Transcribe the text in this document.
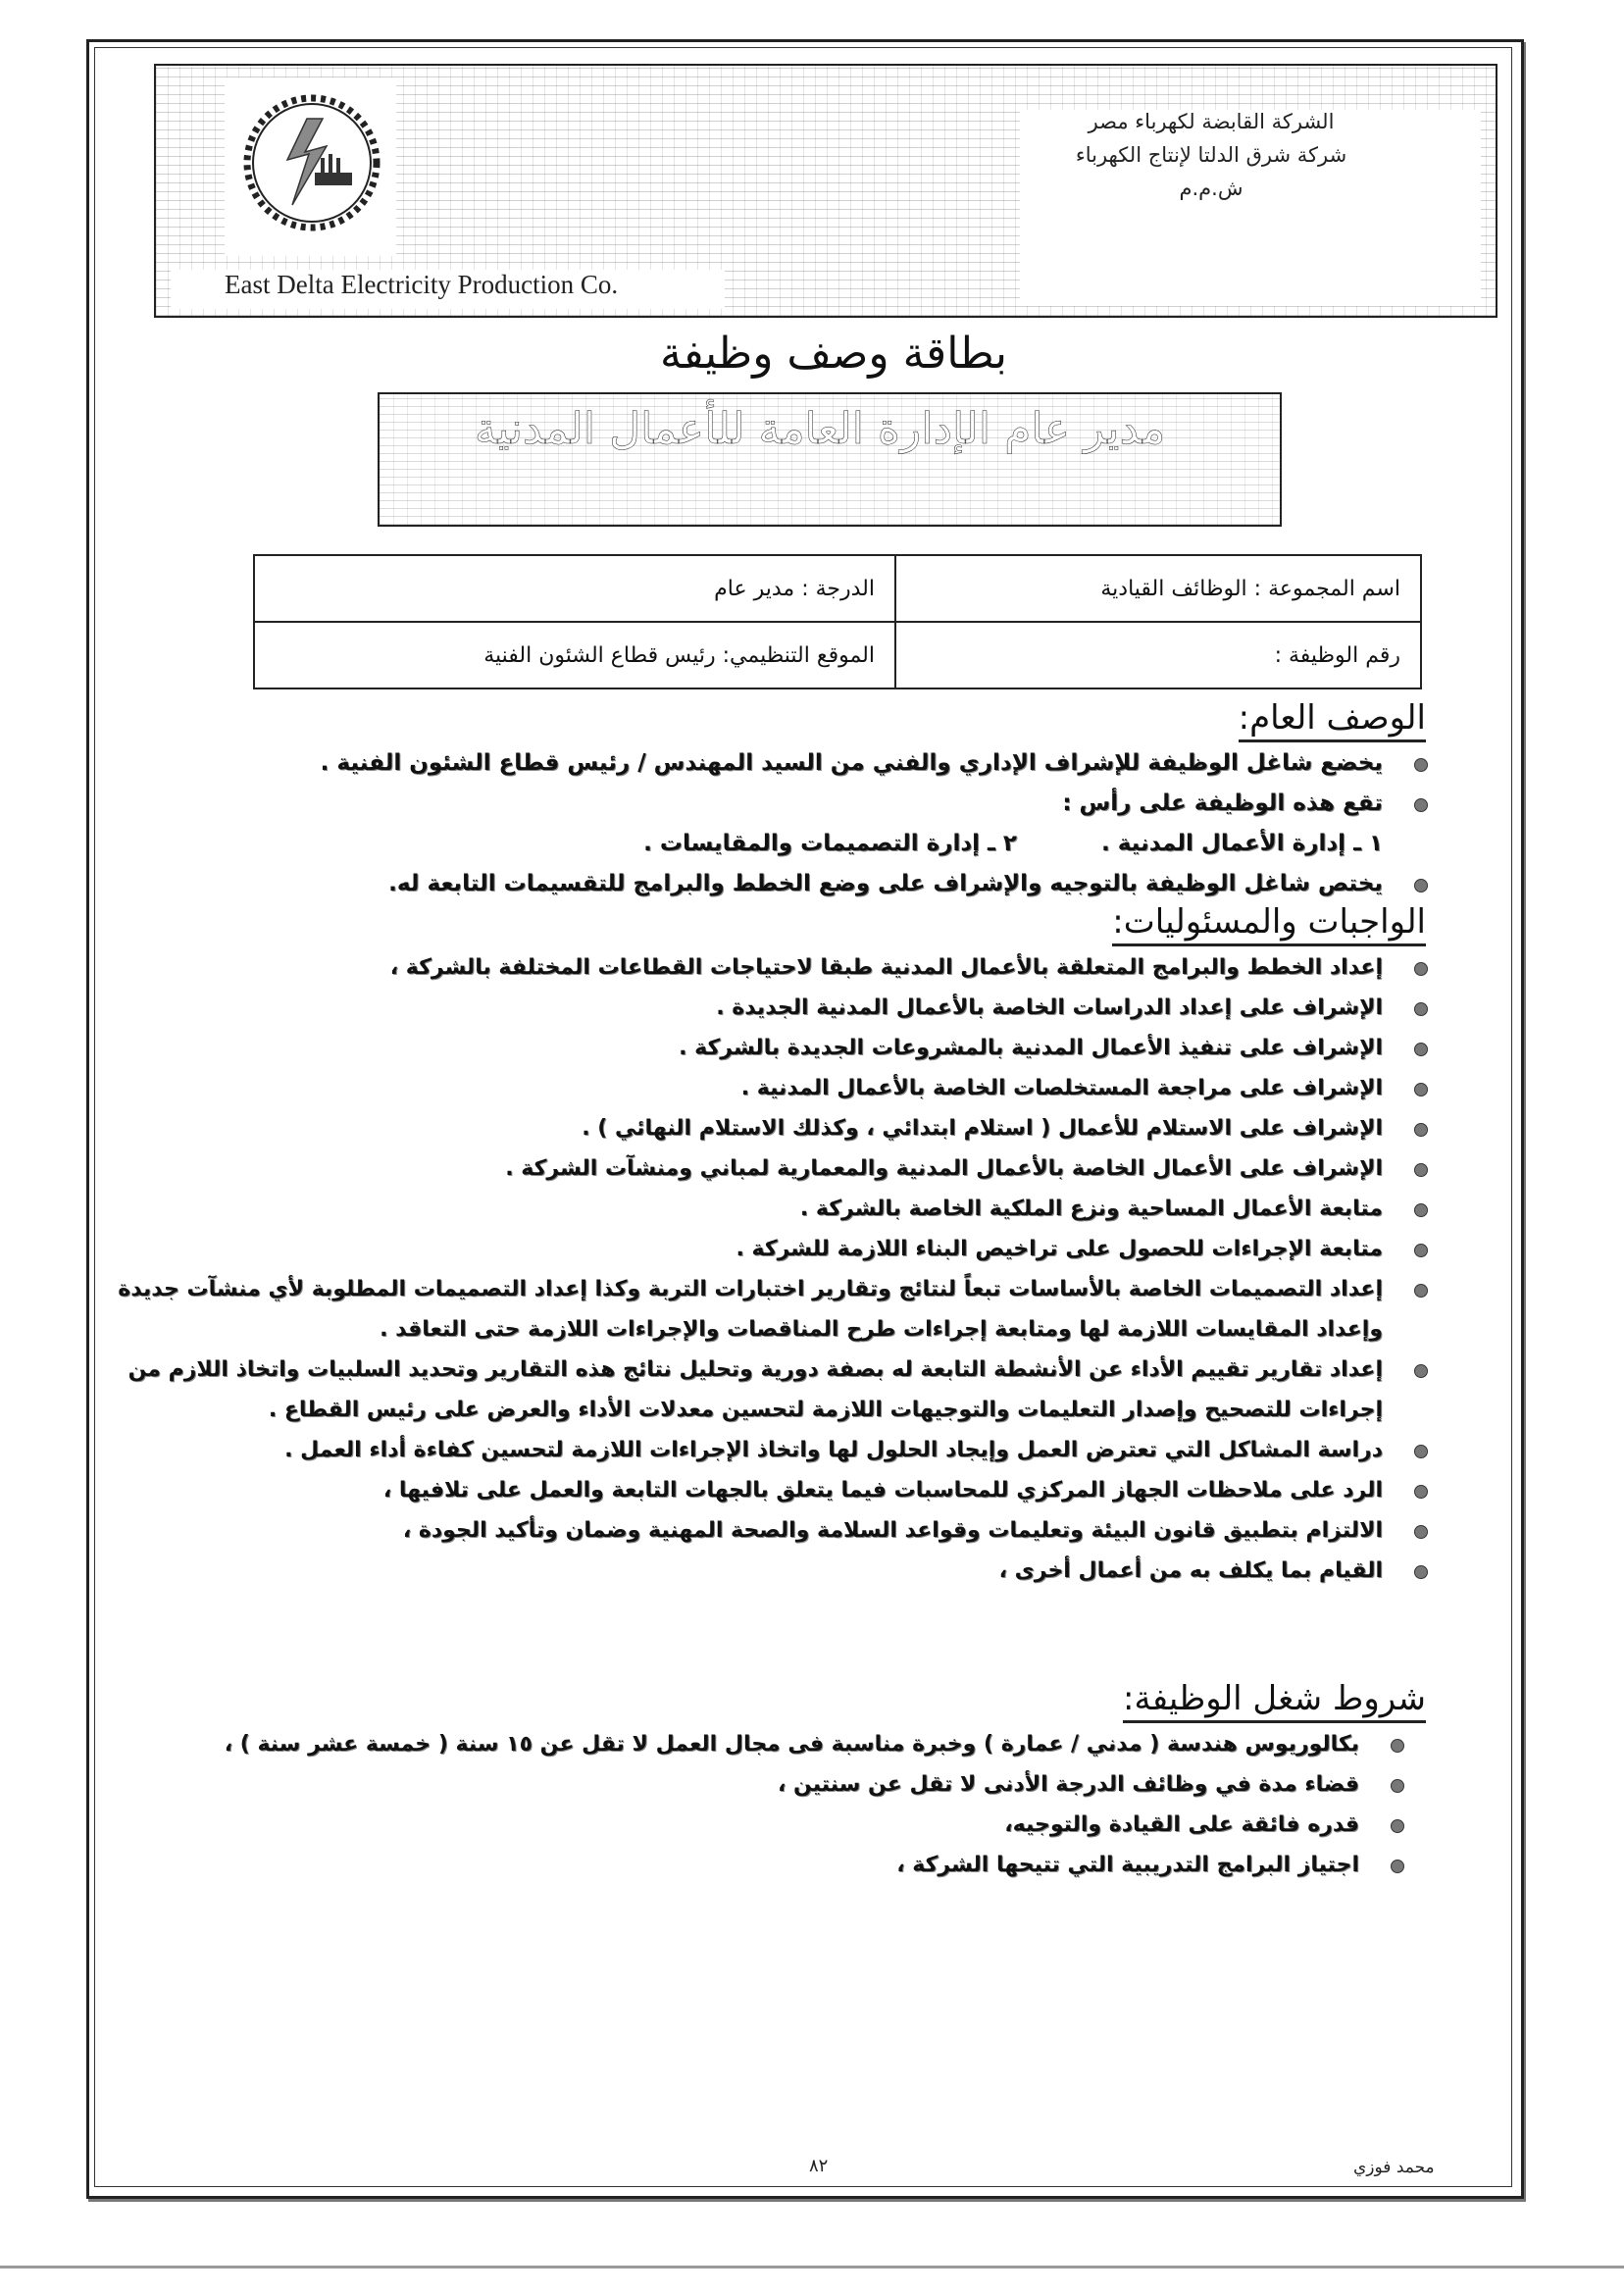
East Delta Electricity Production Co.
الشركة القابضة لكهرباء مصر
شركة شرق الدلتا لإنتاج الكهرباء
ش.م.م
بطاقة وصف وظيفة
مدير عام الإدارة العامة للأعمال المدنية
اسم المجموعة : الوظائف القيادية	الدرجة : مدير عام
رقم الوظيفة :	الموقع التنظيمي: رئيس قطاع الشئون الفنية
الوصف العام:
يخضع شاغل الوظيفة للإشراف الإداري والفني من السيد المهندس / رئيس قطاع الشئون الفنية .
تقع هذه الوظيفة على رأس :
١ ـ إدارة الأعمال المدنية .  ٢ ـ إدارة التصميمات والمقايسات .
يختص شاغل الوظيفة بالتوجيه والإشراف على وضع الخطط والبرامج للتقسيمات التابعة له.
الواجبات والمسئوليات:
إعداد الخطط والبرامج المتعلقة بالأعمال المدنية طبقا لاحتياجات القطاعات المختلفة بالشركة ،
الإشراف على إعداد الدراسات الخاصة بالأعمال المدنية الجديدة .
الإشراف على تنفيذ الأعمال المدنية بالمشروعات الجديدة بالشركة .
الإشراف على مراجعة المستخلصات الخاصة بالأعمال المدنية .
الإشراف على الاستلام للأعمال ( استلام ابتدائي ، وكذلك الاستلام النهائي ) .
الإشراف على الأعمال الخاصة بالأعمال المدنية والمعمارية لمباني ومنشآت الشركة .
متابعة الأعمال المساحية ونزع الملكية الخاصة بالشركة .
متابعة الإجراءات للحصول على تراخيص البناء اللازمة للشركة .
إعداد التصميمات الخاصة بالأساسات تبعاً لنتائج وتقارير اختبارات التربة وكذا إعداد التصميمات المطلوبة لأي منشآت جديدة وإعداد المقايسات اللازمة لها ومتابعة إجراءات طرح المناقصات والإجراءات اللازمة حتى التعاقد .
إعداد تقارير تقييم الأداء عن الأنشطة التابعة له بصفة دورية وتحليل نتائج هذه التقارير وتحديد السلبيات واتخاذ اللازم من إجراءات للتصحيح وإصدار التعليمات والتوجيهات اللازمة لتحسين معدلات الأداء والعرض على رئيس القطاع .
دراسة المشاكل التي تعترض العمل وإيجاد الحلول لها واتخاذ الإجراءات اللازمة لتحسين كفاءة أداء العمل .
الرد على ملاحظات الجهاز المركزي للمحاسبات فيما يتعلق بالجهات التابعة والعمل على تلافيها ،
الالتزام بتطبيق قانون البيئة وتعليمات وقواعد السلامة والصحة المهنية وضمان وتأكيد الجودة ،
القيام بما يكلف به من أعمال أخرى ،
شروط شغل الوظيفة:
بكالوريوس هندسة ( مدني / عمارة ) وخبرة مناسبة فى مجال العمل لا تقل عن ١٥ سنة ( خمسة عشر سنة ) ،
قضاء مدة في وظائف الدرجة الأدنى لا تقل عن سنتين ،
قدره فائقة على القيادة والتوجيه،
اجتياز البرامج التدريبية التي تتيحها الشركة ،
٨٢	محمد فوزي
